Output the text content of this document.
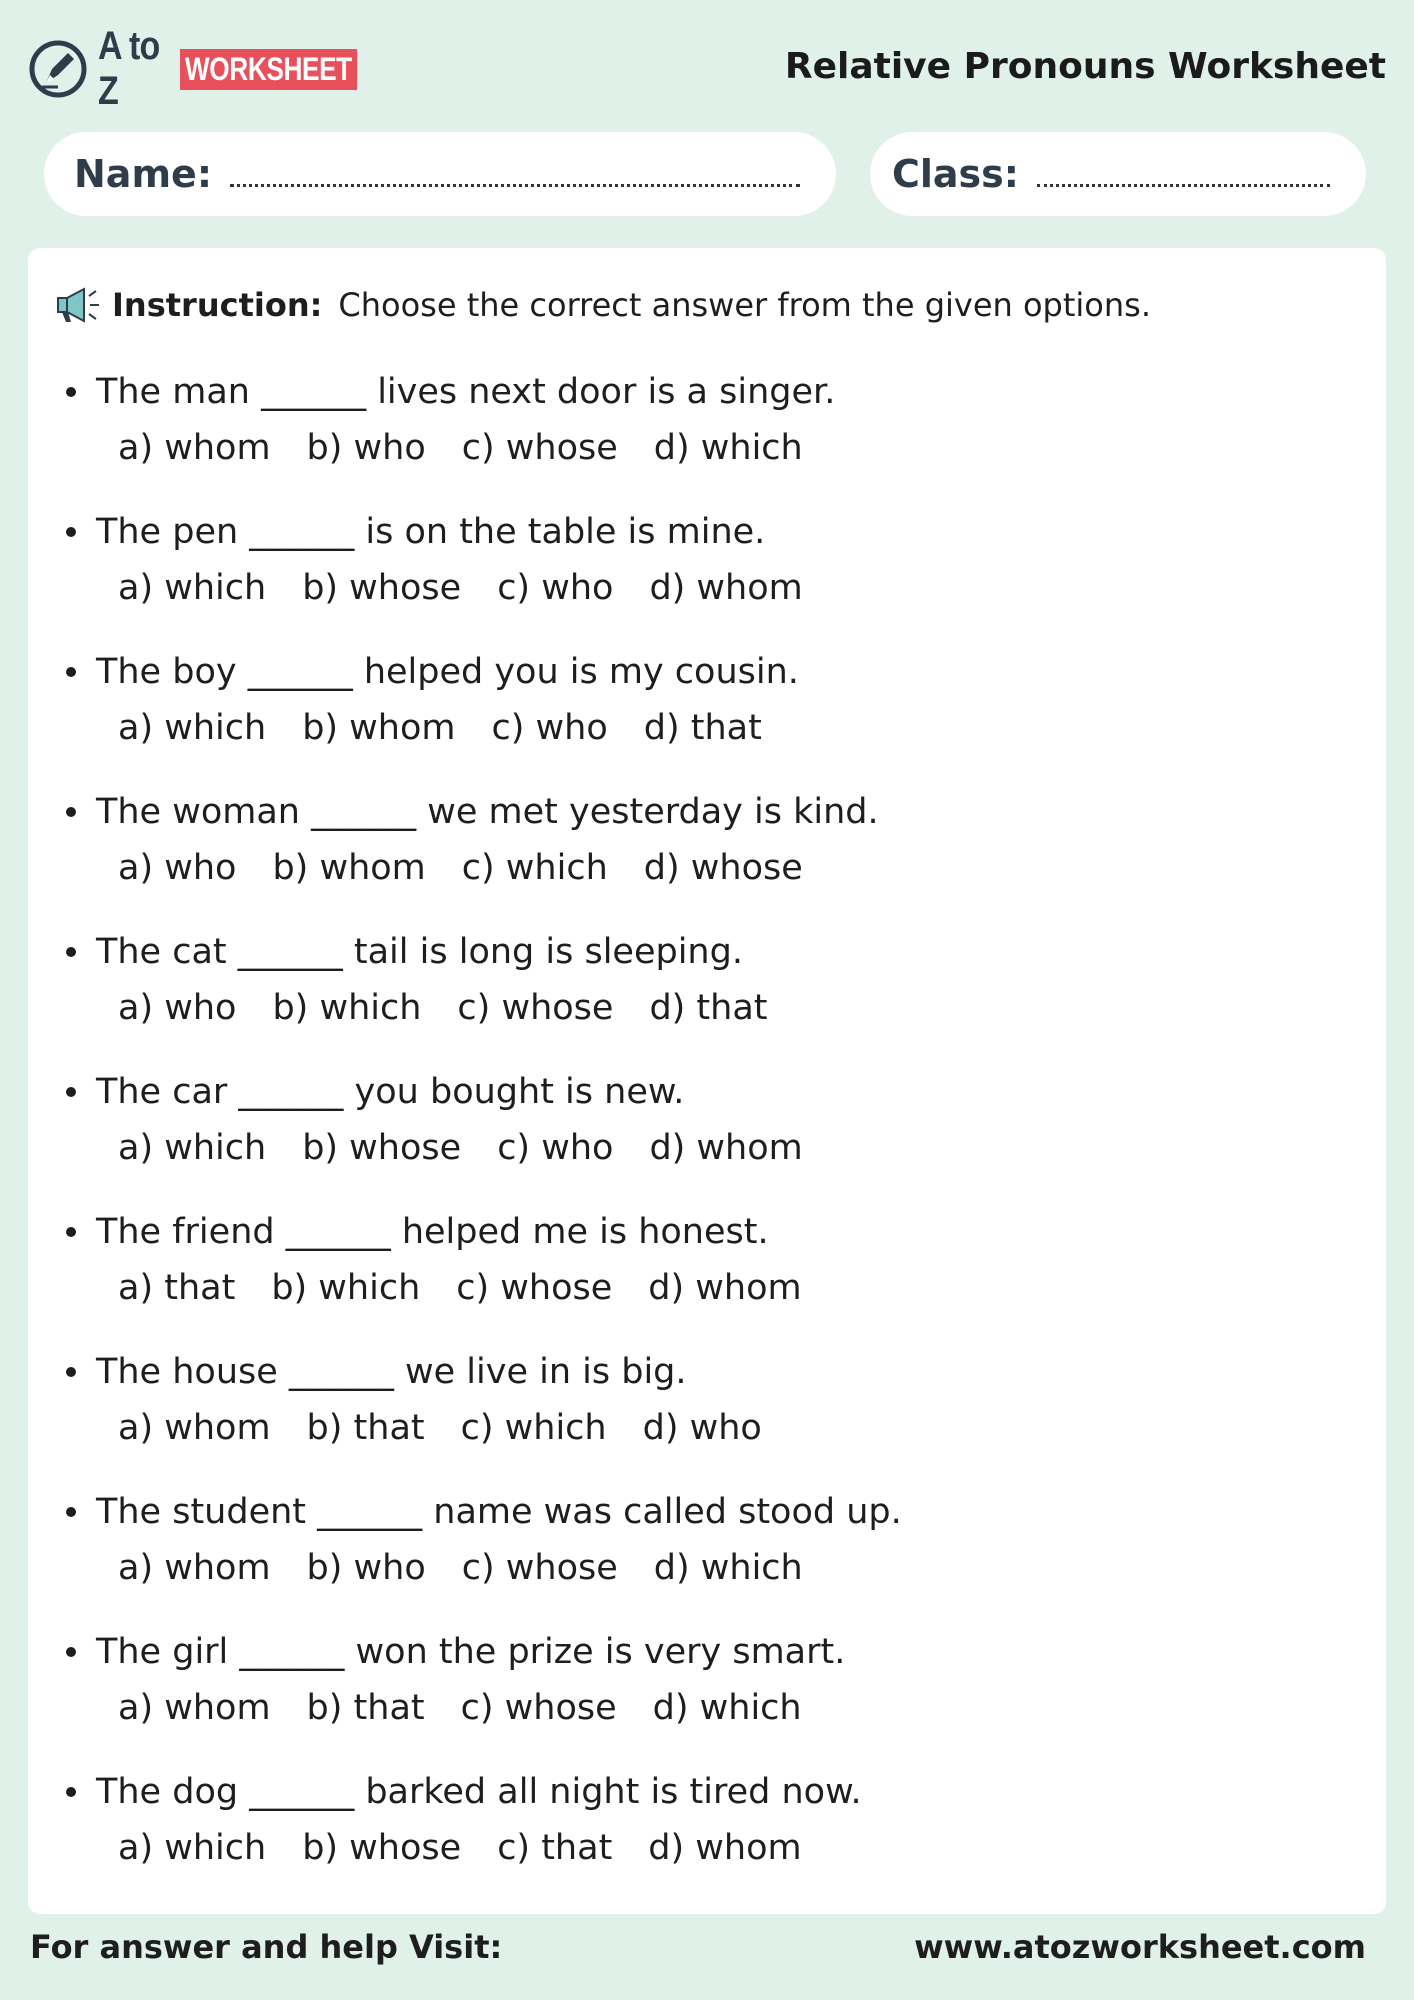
A to Z
WORKSHEET	Relative Pronouns Worksheet
Name:	Class:
Instruction: Choose the correct answer from the given options.
The man ______ lives next door is a singer.
a) whom b) who c) whose d) which
The pen ______ is on the table is mine.
a) which b) whose c) who d) whom
The boy ______ helped you is my cousin.
a) which b) whom c) who d) that
The woman ______ we met yesterday is kind.
a) who b) whom c) which d) whose
The cat ______ tail is long is sleeping.
a) who b) which c) whose d) that
The car ______ you bought is new.
a) which b) whose c) who d) whom
The friend ______ helped me is honest.
a) that b) which c) whose d) whom
The house ______ we live in is big.
a) whom b) that c) which d) who
The student ______ name was called stood up.
a) whom b) who c) whose d) which
The girl ______ won the prize is very smart.
a) whom b) that c) whose d) which
The dog ______ barked all night is tired now.
a) which b) whose c) that d) whom
For answer and help Visit:	www.atozworksheet.com
